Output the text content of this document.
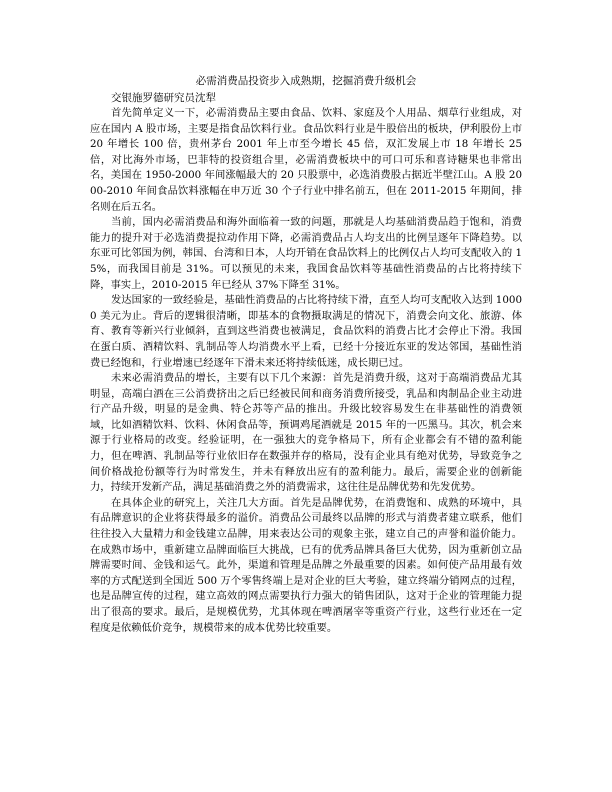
必需消费品投资步入成熟期，挖掘消费升级机会

交银施罗德研究员沈犁

首先简单定义一下，必需消费品主要由食品、饮料、家庭及个人用品、烟草行业组成，对应在国内 A 股市场，主要是指食品饮料行业。食品饮料行业是牛股倍出的板块，伊利股份上市 20 年增长 100 倍，贵州茅台 2001 年上市至今增长 45 倍，双汇发展上市 18 年增长 25 倍，对比海外市场，巴菲特的投资组合里，必需消费板块中的可口可乐和喜诗糖果也非常出名，美国在 1950-2000 年间涨幅最大的 20 只股票中，必选消费股占据近半壁江山。A 股 2000-2010 年间食品饮料涨幅在申万近 30 个子行业中排名前五，但在 2011-2015 年期间，排名则在后五名。

当前，国内必需消费品和海外面临着一致的问题，那就是人均基础消费品趋于饱和，消费能力的提升对于必选消费提拉动作用下降，必需消费品占人均支出的比例呈逐年下降趋势。以东亚可比邻国为例，韩国、台湾和日本，人均开销在食品饮料上的比例仅占人均可支配收入的 15%，而我国目前是 31%。可以预见的未来，我国食品饮料等基础性消费品的占比将持续下降，事实上，2010-2015 年已经从 37%下降至 31%。

发达国家的一致经验是，基础性消费品的占比将持续下滑，直至人均可支配收入达到 10000 美元为止。背后的逻辑很清晰，即基本的食物摄取满足的情况下，消费会向文化、旅游、体育、教育等新兴行业倾斜，直到这些消费也被满足，食品饮料的消费占比才会停止下滑。我国在蛋白质、酒精饮料、乳制品等人均消费水平上看，已经十分接近东亚的发达邻国，基础性消费已经饱和，行业增速已经逐年下滑未来还将持续低迷，成长期已过。

未来必需消费品的增长，主要有以下几个来源：首先是消费升级，这对于高端消费品尤其明显，高端白酒在三公消费挤出之后已经被民间和商务消费所接受，乳品和肉制品企业主动进行产品升级，明显的是金典、特仑苏等产品的推出。升级比较容易发生在非基础性的消费领域，比如酒精饮料、饮料、休闲食品等，预调鸡尾酒就是 2015 年的一匹黑马。其次，机会来源于行业格局的改变。经验证明，在一强独大的竞争格局下，所有企业都会有不错的盈利能力，但在啤酒、乳制品等行业依旧存在数强并存的格局，没有企业具有绝对优势，导致竞争之间价格战抢份额等行为时常发生，并未有释放出应有的盈利能力。最后，需要企业的创新能力，持续开发新产品，满足基础消费之外的消费需求，这往往是品牌优势和先发优势。

在具体企业的研究上，关注几大方面。首先是品牌优势，在消费饱和、成熟的环境中，具有品牌意识的企业将获得最多的溢价。消费品公司最终以品牌的形式与消费者建立联系，他们往往投入大量精力和金钱建立品牌，用来表达公司的观象主张，建立自己的声誉和溢价能力。在成熟市场中，重新建立品牌面临巨大挑战，已有的优秀品牌具备巨大优势，因为重新创立品牌需要时间、金钱和运气。此外，渠道和管理是品牌之外最重要的因素。如何使产品用最有效率的方式配送到全国近 500 万个零售终端上是对企业的巨大考验，建立终端分销网点的过程，也是品牌宣传的过程，建立高效的网点需要执行力强大的销售团队，这对于企业的管理能力提出了很高的要求。最后，是规模优势，尤其体现在啤酒屠宰等重资产行业，这些行业还在一定程度是依赖低价竞争，规模带来的成本优势比较重要。
